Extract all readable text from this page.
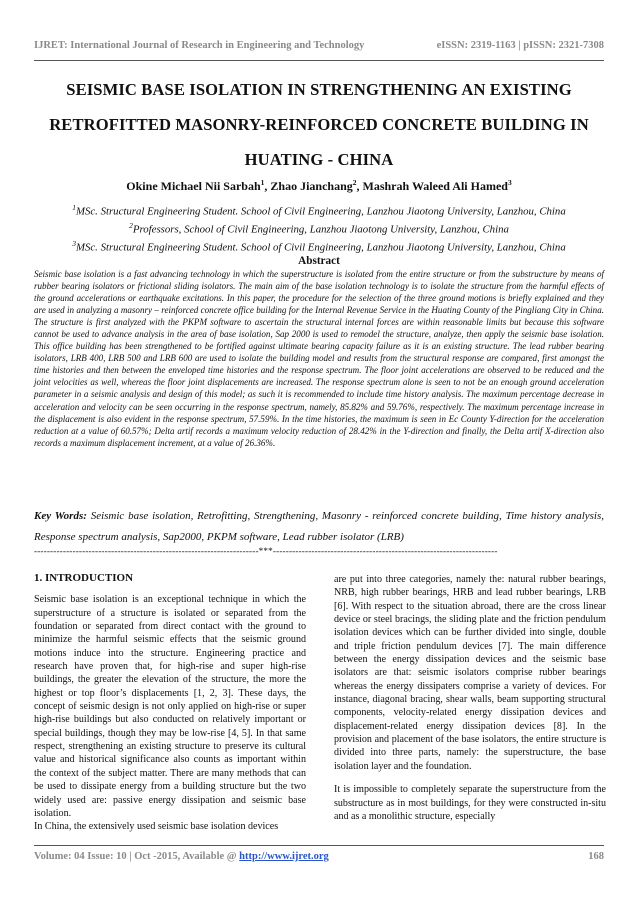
IJRET: International Journal of Research in Engineering and Technology	eISSN: 2319-1163 | pISSN: 2321-7308
SEISMIC BASE ISOLATION IN STRENGTHENING AN EXISTING RETROFITTED MASONRY-REINFORCED CONCRETE BUILDING IN HUATING - CHINA
Okine Michael Nii Sarbah$^1$, Zhao Jianchang$^2$, Mashrah Waleed Ali Hamed$^3$
$^1$MSc. Structural Engineering Student. School of Civil Engineering, Lanzhou Jiaotong University, Lanzhou, China
$^2$Professors, School of Civil Engineering, Lanzhou Jiaotong University, Lanzhou, China
$^3$MSc. Structural Engineering Student. School of Civil Engineering, Lanzhou Jiaotong University, Lanzhou, China
Abstract
Seismic base isolation is a fast advancing technology in which the superstructure is isolated from the entire structure or from the substructure by means of rubber bearing isolators or frictional sliding isolators. The main aim of the base isolation technology is to isolate the structure from the harmful effects of the ground accelerations or earthquake excitations. In this paper, the procedure for the selection of the three ground motions is briefly explained and they are used in analyzing a masonry – reinforced concrete office building for the Internal Revenue Service in the Huating County of the Pingliang City in China. The structure is first analyzed with the PKPM software to ascertain the structural internal forces are within reasonable limits but because this software cannot be used to advance analysis in the area of base isolation, Sap 2000 is used to remodel the structure, analyze, then apply the seismic base isolation. This office building has been strengthened to be fortified against ultimate bearing capacity failure as it is an existing structure. The lead rubber bearing isolators, LRB 400, LRB 500 and LRB 600 are used to isolate the building model and results from the structural response are compared, first amongst the time histories and then between the enveloped time histories and the response spectrum. The floor joint accelerations are observed to be reduced and the joint velocities as well, whereas the floor joint displacements are increased. The response spectrum alone is seen to not be an enough ground acceleration parameter in a seismic analysis and design of this model; as such it is recommended to include time history analysis. The maximum percentage decrease in acceleration and velocity can be seen occurring in the response spectrum, namely, 85.82% and 59.76%, respectively. The maximum percentage increase in the displacement is also evident in the response spectrum, 57.59%. In the time histories, the maximum is seen in Ec County Y-direction for the acceleration reduction at a value of 60.57%; Delta artif records a maximum velocity reduction of 28.42% in the Y-direction and finally, the Delta artif X-direction also records a maximum displacement increment, at a value of 26.36%.
Key Words: Seismic base isolation, Retrofitting, Strengthening, Masonry - reinforced concrete building, Time history analysis, Response spectrum analysis, Sap2000, PKPM software, Lead rubber isolator (LRB)
----------------------------------------------------------------------***----------------------------------------------------------------------
1. INTRODUCTION

Seismic base isolation is an exceptional technique in which the superstructure of a structure is isolated or separated from the foundation or separated from direct contact with the ground to minimize the harmful seismic effects that the seismic ground motions induce into the structure. Engineering practice and research have proven that, for high-rise and super high-rise buildings, the greater the elevation of the structure, the more the highest or top floor’s displacements [1, 2, 3]. These days, the concept of seismic design is not only applied on high-rise or super high-rise buildings but also conducted on relatively important or special buildings, though they may be low-rise [4, 5]. In that same respect, strengthening an existing structure to preserve its cultural value and historical significance also counts as important within the context of the subject matter. There are many methods that can be used to dissipate energy from a building structure but the two widely used are: passive energy dissipation and seismic base isolation.

In China, the extensively used seismic base isolation devices

are put into three categories, namely the: natural rubber bearings, NRB, high rubber bearings, HRB and lead rubber bearings, LRB [6]. With respect to the situation abroad, there are the cross linear device or steel bracings, the sliding plate and the friction pendulum isolation devices which can be further divided into single, double and triple friction pendulum devices [7]. The main difference between the energy dissipation devices and the seismic base isolators are that: seismic isolators comprise rubber bearings whereas the energy dissipaters comprise a variety of devices. For instance, diagonal bracing, shear walls, beam supporting structural components, velocity-related energy dissipation devices and displacement-related energy dissipation devices [8]. In the provision and placement of the base isolators, the entire structure is divided into three parts, namely: the superstructure, the base isolation layer and the foundation.

It is impossible to completely separate the superstructure from the substructure as in most buildings, for they were constructed in-situ and as a monolithic structure, especially

Volume: 04 Issue: 10 | Oct -2015, Available @ http://www.ijret.org	168
